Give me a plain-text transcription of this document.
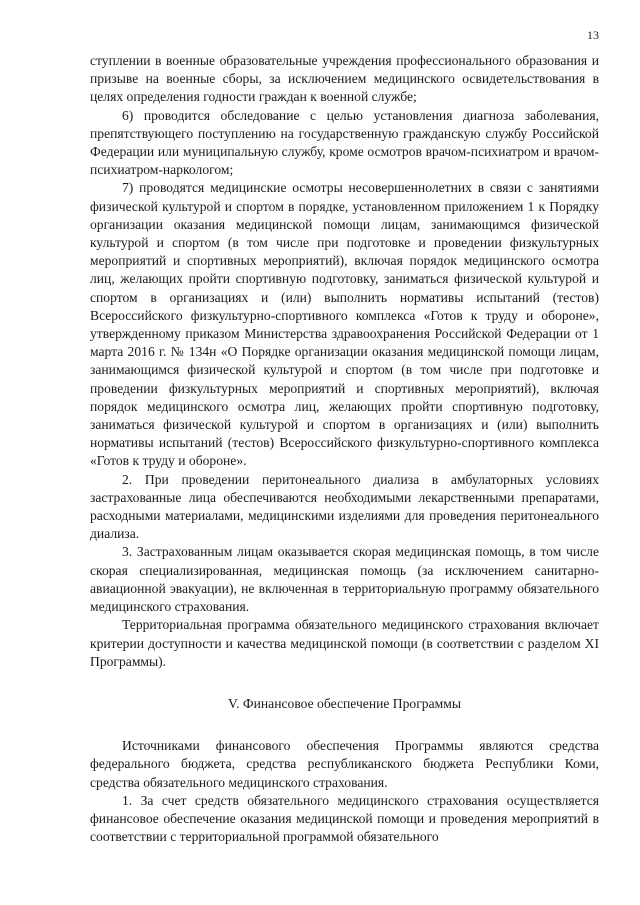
13

ступлении в военные образовательные учреждения профессионального образования и призыве на военные сборы, за исключением медицинского освидетельствования в целях определения годности граждан к военной службе;

6) проводится обследование с целью установления диагноза заболевания, препятствующего поступлению на государственную гражданскую службу Российской Федерации или муниципальную службу, кроме осмотров врачом-психиатром и врачом-психиатром-наркологом;

7) проводятся медицинские осмотры несовершеннолетних в связи с занятиями физической культурой и спортом в порядке, установленном приложением 1 к Порядку организации оказания медицинской помощи лицам, занимающимся физической культурой и спортом (в том числе при подготовке и проведении физкультурных мероприятий и спортивных мероприятий), включая порядок медицинского осмотра лиц, желающих пройти спортивную подготовку, заниматься физической культурой и спортом в организациях и (или) выполнить нормативы испытаний (тестов) Всероссийского физкультурно-спортивного комплекса «Готов к труду и обороне», утвержденному приказом Министерства здравоохранения Российской Федерации от 1 марта 2016 г. № 134н «О Порядке организации оказания медицинской помощи лицам, занимающимся физической культурой и спортом (в том числе при подготовке и проведении физкультурных мероприятий и спортивных мероприятий), включая порядок медицинского осмотра лиц, желающих пройти спортивную подготовку, заниматься физической культурой и спортом в организациях и (или) выполнить нормативы испытаний (тестов) Всероссийского физкультурно-спортивного комплекса «Готов к труду и обороне».

2. При проведении перитонеального диализа в амбулаторных условиях застрахованные лица обеспечиваются необходимыми лекарственными препаратами, расходными материалами, медицинскими изделиями для проведения перитонеального диализа.

3. Застрахованным лицам оказывается скорая медицинская помощь, в том числе скорая специализированная, медицинская помощь (за исключением санитарно-авиационной эвакуации), не включенная в территориальную программу обязательного медицинского страхования.

Территориальная программа обязательного медицинского страхования включает критерии доступности и качества медицинской помощи (в соответствии с разделом XI Программы).

V. Финансовое обеспечение Программы

Источниками финансового обеспечения Программы являются средства федерального бюджета, средства республиканского бюджета Республики Коми, средства обязательного медицинского страхования.

1. За счет средств обязательного медицинского страхования осуществляется финансовое обеспечение оказания медицинской помощи и проведения мероприятий в соответствии с территориальной программой обязательного
